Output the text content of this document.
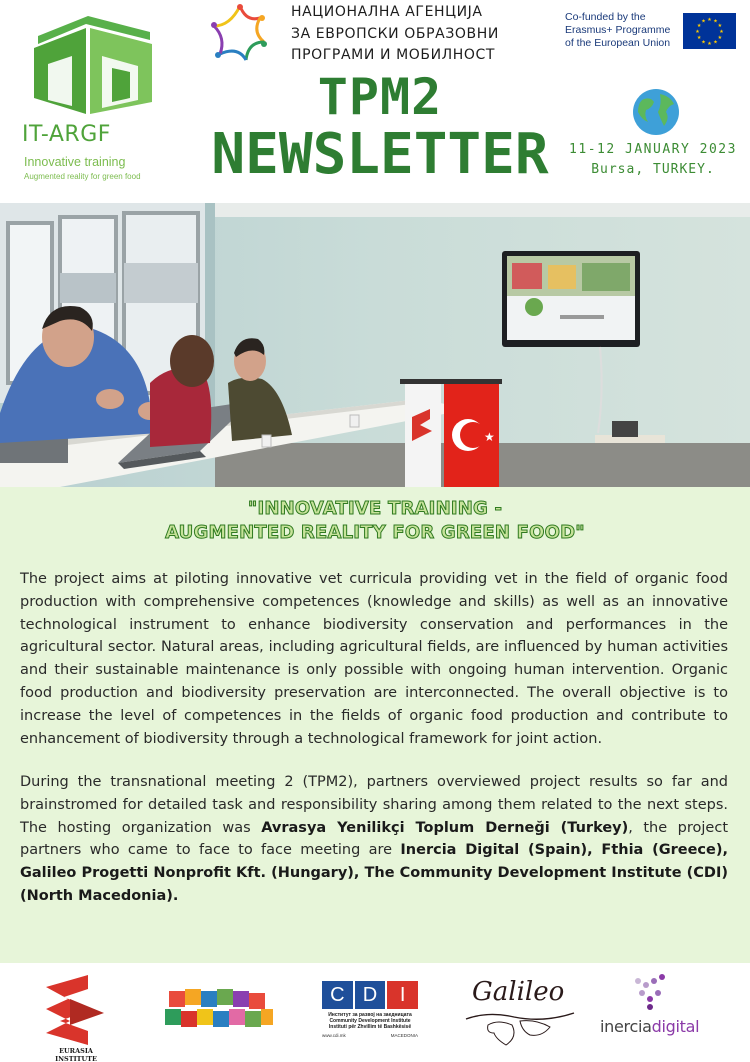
IT-ARGF
Innovative training
Augmented reality for green food
НАЦИОНАЛНА АГЕНЦИЈА
ЗА ЕВРОПСКИ ОБРАЗОВНИ
ПРОГРАМИ И МОБИЛНОСТ
Co-funded by the
Erasmus+ Programme
of the European Union
★ ★
★
★
★
★
★
★
★
★
★
★
TPM2
NEWSLETTER	11-12 JANUARY 2023
Bursa, TURKEY.
★
"INNOVATIVE TRAINING -
AUGMENTED REALITY FOR GREEN FOOD"

The project aims at piloting innovative vet curricula providing vet in the field of organic food production with comprehensive competences (knowledge and skills) as well as an innovative technological instrument to enhance biodiversity conservation and performances in the agricultural sector. Natural areas, including agricultural fields, are influenced by human activities and their sustainable maintenance is only possible with ongoing human intervention. Organic food production and biodiversity preservation are interconnected. The overall objective is to increase the level of competences in the fields of organic food production and contribute to enhancement of biodiversity through a technological framework for joint action.

During the transnational meeting 2 (TPM2), partners overviewed project results so far and brainstromed for detailed task and responsibility sharing among them related to the next steps. The hosting organization was Avrasya Yenilikçi Toplum Derneği (Turkey), the project partners who came to face to face meeting are Inercia Digital (Spain), Fthia (Greece), Galileo Progetti Nonprofit Kft. (Hungary), The Community Development Institute (CDI) (North Macedonia).

EURASIA INSTITUTE
C D	I
Институт за развој на заедницата
Community Development Institute
Instituti për Zhvillim të Bashkësisë
www.cdi.mk	MACEDONIA
Galileo
inerciadigital
